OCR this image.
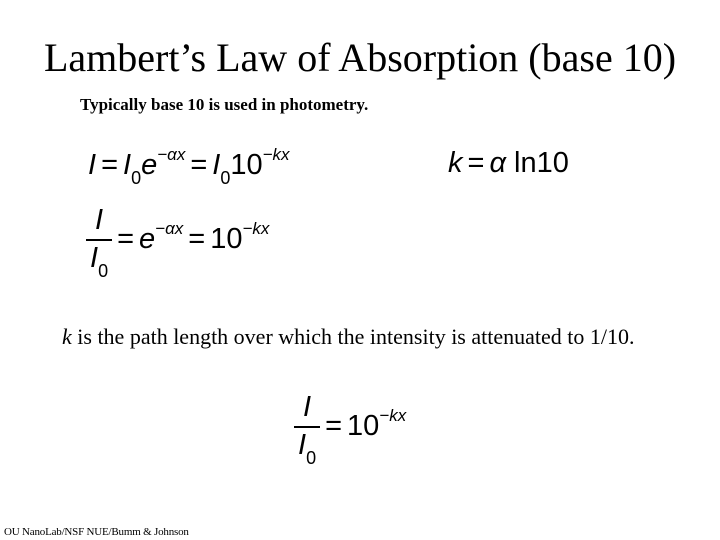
Lambert’s Law of Absorption (base 10)
Typically base 10 is used in photometry.
$I = I_0e^{-\alpha x} = I_010^{-kx}$	k = α ln10
$\frac{I}{I_0} = e^{-\alpha x} = 10^{-kx}$
k is the path length over which the intensity is attenuated to 1/10.
$\frac{I}{I_0} = 10^{-kx}$
OU NanoLab/NSF NUE/Bumm & Johnson
